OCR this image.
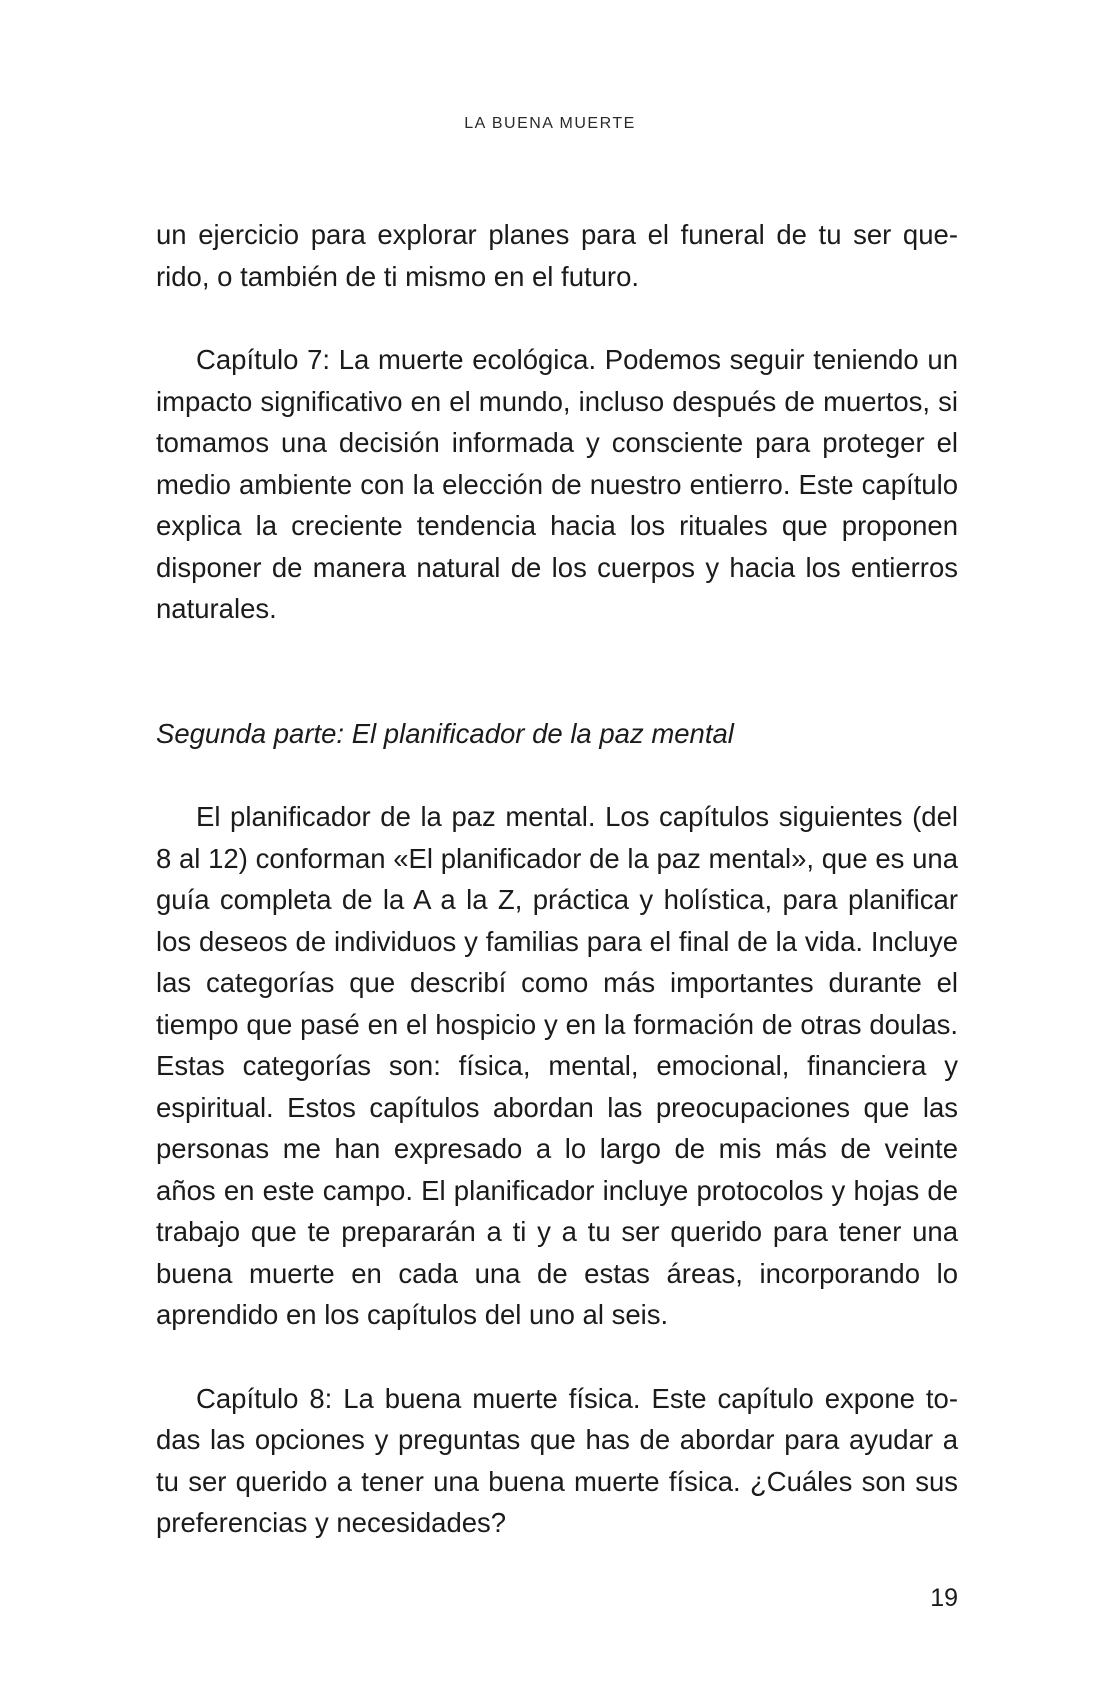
LA BUENA MUERTE

un ejercicio para explorar planes para el funeral de tu ser querido, o también de ti mismo en el futuro.

Capítulo 7: La muerte ecológica. Podemos seguir teniendo un impacto significativo en el mundo, incluso después de muertos, si tomamos una decisión informada y consciente para proteger el medio ambiente con la elección de nuestro entierro. Este capítulo explica la creciente tendencia hacia los rituales que proponen disponer de manera natural de los cuerpos y hacia los entierros naturales.

Segunda parte: El planificador de la paz mental

El planificador de la paz mental. Los capítulos siguientes (del 8 al 12) conforman «El planificador de la paz mental», que es una guía completa de la A a la Z, práctica y holística, para planificar los deseos de individuos y familias para el final de la vida. Incluye las categorías que describí como más importantes durante el tiempo que pasé en el hospicio y en la formación de otras doulas. Estas categorías son: física, mental, emocional, financiera y espiritual. Estos capítulos abordan las preocupaciones que las personas me han expresado a lo largo de mis más de veinte años en este campo. El planificador incluye protocolos y hojas de trabajo que te prepararán a ti y a tu ser querido para tener una buena muerte en cada una de estas áreas, incorporando lo aprendido en los capítulos del uno al seis.

Capítulo 8: La buena muerte física. Este capítulo expone todas las opciones y preguntas que has de abordar para ayudar a tu ser querido a tener una buena muerte física. ¿Cuáles son sus preferencias y necesidades?

19
